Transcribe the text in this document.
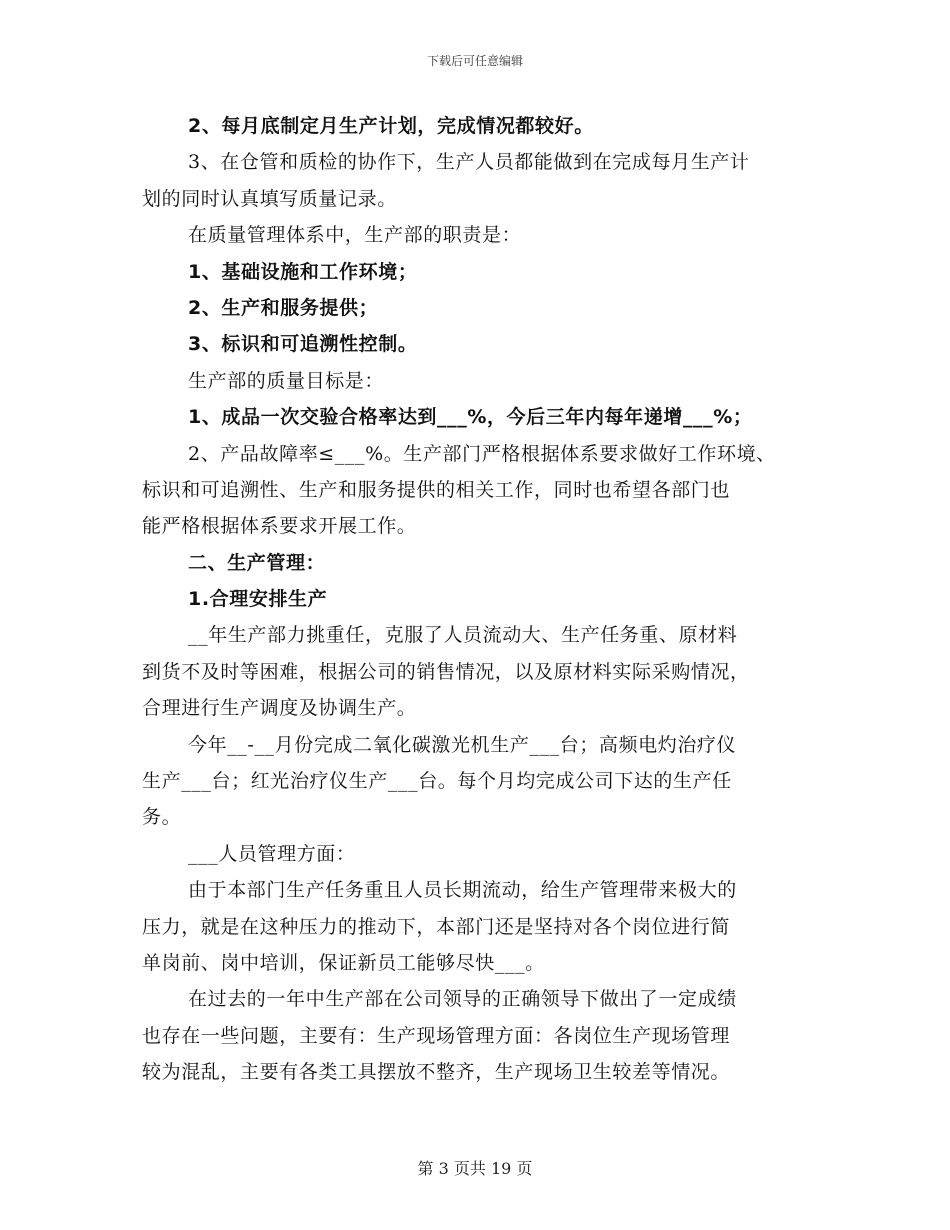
下载后可任意编辑
2、每月底制定月生产计划，完成情况都较好。
3、在仓管和质检的协作下，生产人员都能做到在完成每月生产计
划的同时认真填写质量记录。
在质量管理体系中，生产部的职责是：
1、基础设施和工作环境；
2、生产和服务提供；
3、标识和可追溯性控制。
生产部的质量目标是：
1、成品一次交验合格率达到___%，今后三年内每年递增___%；
2、产品故障率≤___%。生产部门严格根据体系要求做好工作环境、
标识和可追溯性、生产和服务提供的相关工作，同时也希望各部门也
能严格根据体系要求开展工作。
二、生产管理：
1.合理安排生产
__年生产部力挑重任，克服了人员流动大、生产任务重、原材料
到货不及时等困难，根据公司的销售情况，以及原材料实际采购情况，
合理进行生产调度及协调生产。
今年__-__月份完成二氧化碳激光机生产___台；高频电灼治疗仪
生产___台；红光治疗仪生产___台。每个月均完成公司下达的生产任
务。
___人员管理方面：
由于本部门生产任务重且人员长期流动，给生产管理带来极大的
压力，就是在这种压力的推动下，本部门还是坚持对各个岗位进行简
单岗前、岗中培训，保证新员工能够尽快___。
在过去的一年中生产部在公司领导的正确领导下做出了一定成绩
也存在一些问题，主要有：生产现场管理方面：各岗位生产现场管理
较为混乱，主要有各类工具摆放不整齐，生产现场卫生较差等情况。
第 3 页共 19 页
